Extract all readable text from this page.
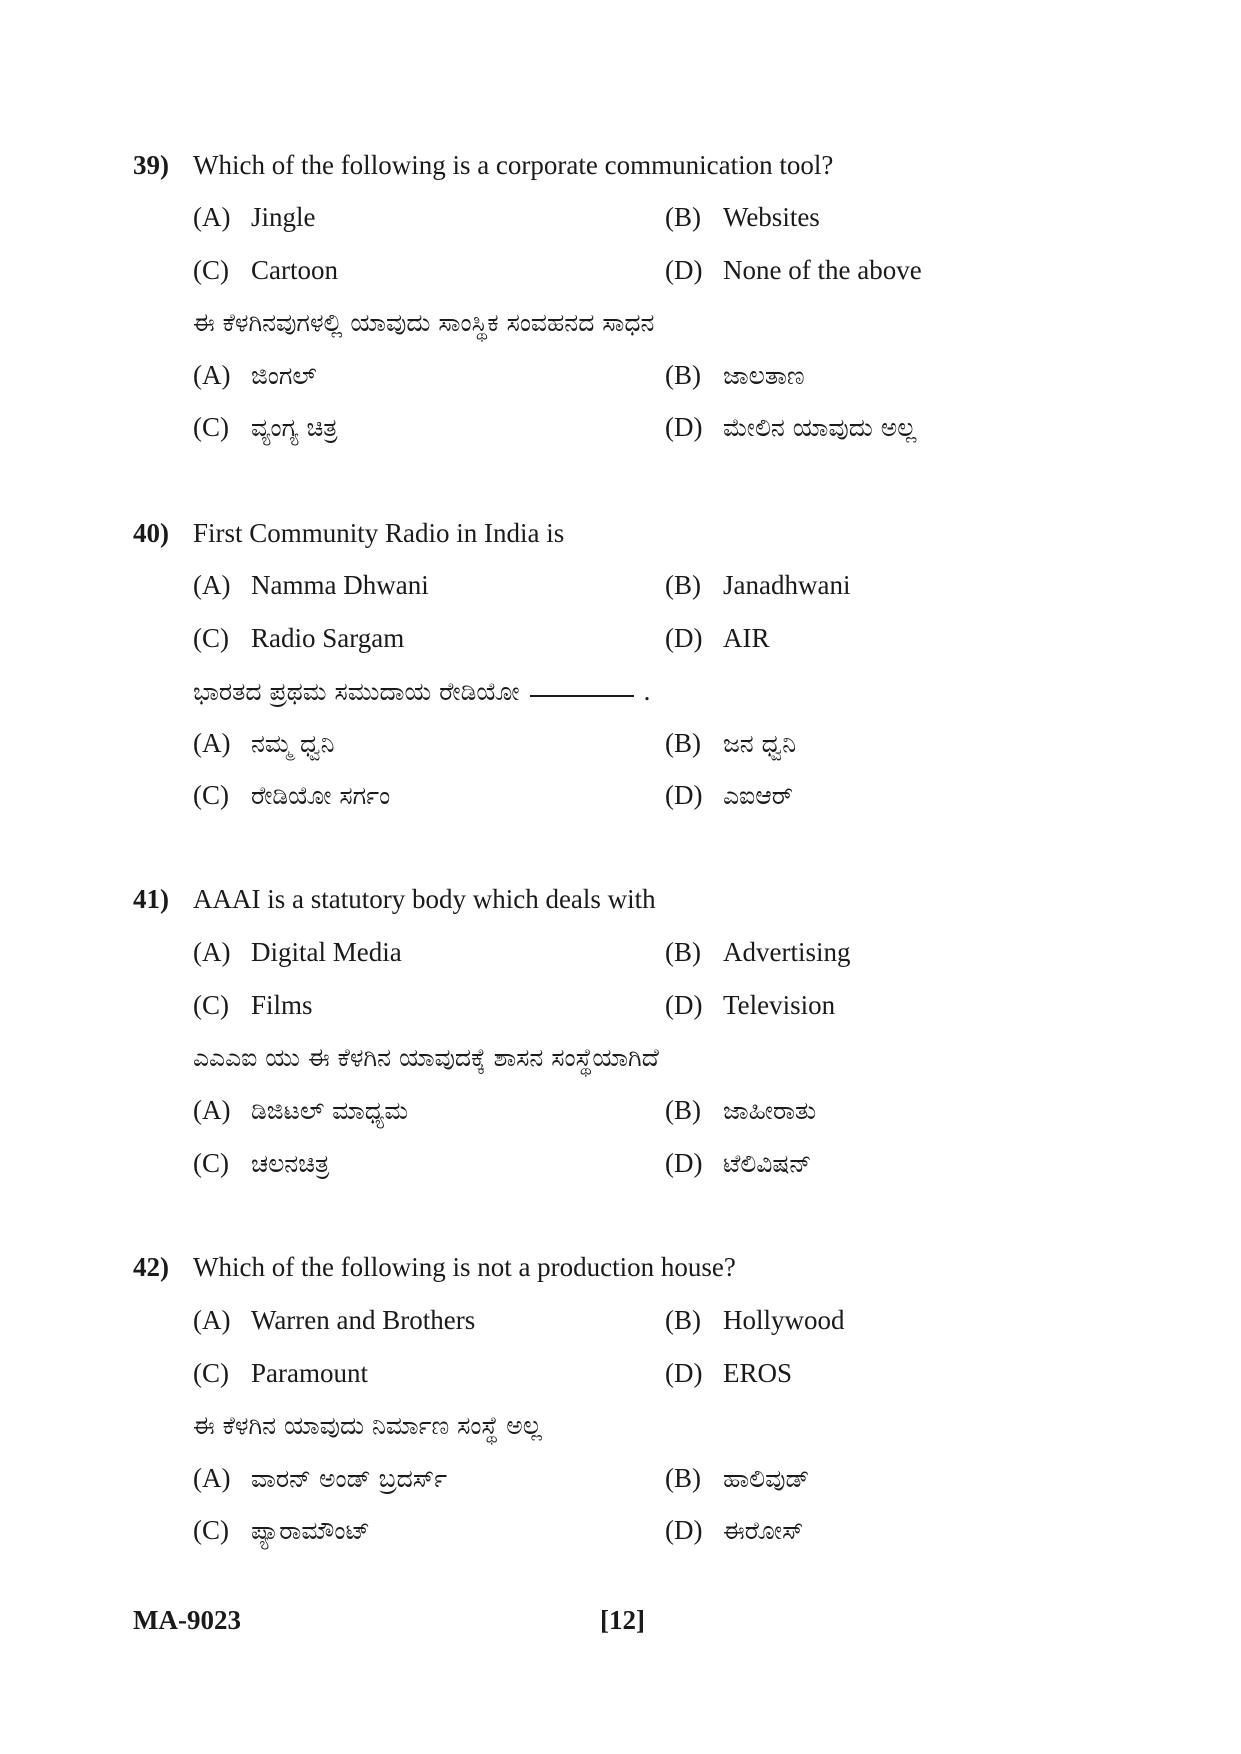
39) Which of the following is a corporate communication tool?
(A) Jingle	(B) Websites
(C) Cartoon	(D) None of the above
ಈ ಕೆಳಗಿನವುಗಳಲ್ಲಿ ಯಾವುದು ಸಾಂಸ್ಥಿಕ ಸಂವಹನದ ಸಾಧನ
(A) ಜಿಂಗಲ್	(B) ಜಾಲತಾಣ
(C) ವ್ಯಂಗ್ಯ ಚಿತ್ರ	(D) ಮೇಲಿನ ಯಾವುದು ಅಲ್ಲ
40) First Community Radio in India is
(A) Namma Dhwani	(B) Janadhwani
(C) Radio Sargam	(D) AIR
ಭಾರತದ ಪ್ರಥಮ ಸಮುದಾಯ ರೇಡಿಯೋ	.
(A) ನಮ್ಮ ಧ್ವನಿ	(B) ಜನ ಧ್ವನಿ
(C) ರೇಡಿಯೋ ಸರ್ಗಂ	(D) ಎಐಆರ್
41) AAAI is a statutory body which deals with
(A) Digital Media	(B) Advertising
(C) Films	(D) Television
ಎಎಎಐ ಯು ಈ ಕೆಳಗಿನ ಯಾವುದಕ್ಕೆ ಶಾಸನ ಸಂಸ್ಥೆಯಾಗಿದೆ
(A) ಡಿಜಿಟಲ್ ಮಾಧ್ಯಮ	(B) ಜಾಹೀರಾತು
(C) ಚಲನಚಿತ್ರ	(D) ಟೆಲಿವಿಷನ್
42) Which of the following is not a production house?
(A) Warren and Brothers	(B) Hollywood
(C) Paramount	(D) EROS
ಈ ಕೆಳಗಿನ ಯಾವುದು ನಿರ್ಮಾಣ ಸಂಸ್ಥೆ ಅಲ್ಲ
(A) ವಾರನ್ ಅಂಡ್ ಬ್ರದರ್ಸ್	(B) ಹಾಲಿವುಡ್
(C) ಪ್ಯಾರಾಮೌಂಟ್	(D) ಈರೋಸ್
MA-9023	[12]
